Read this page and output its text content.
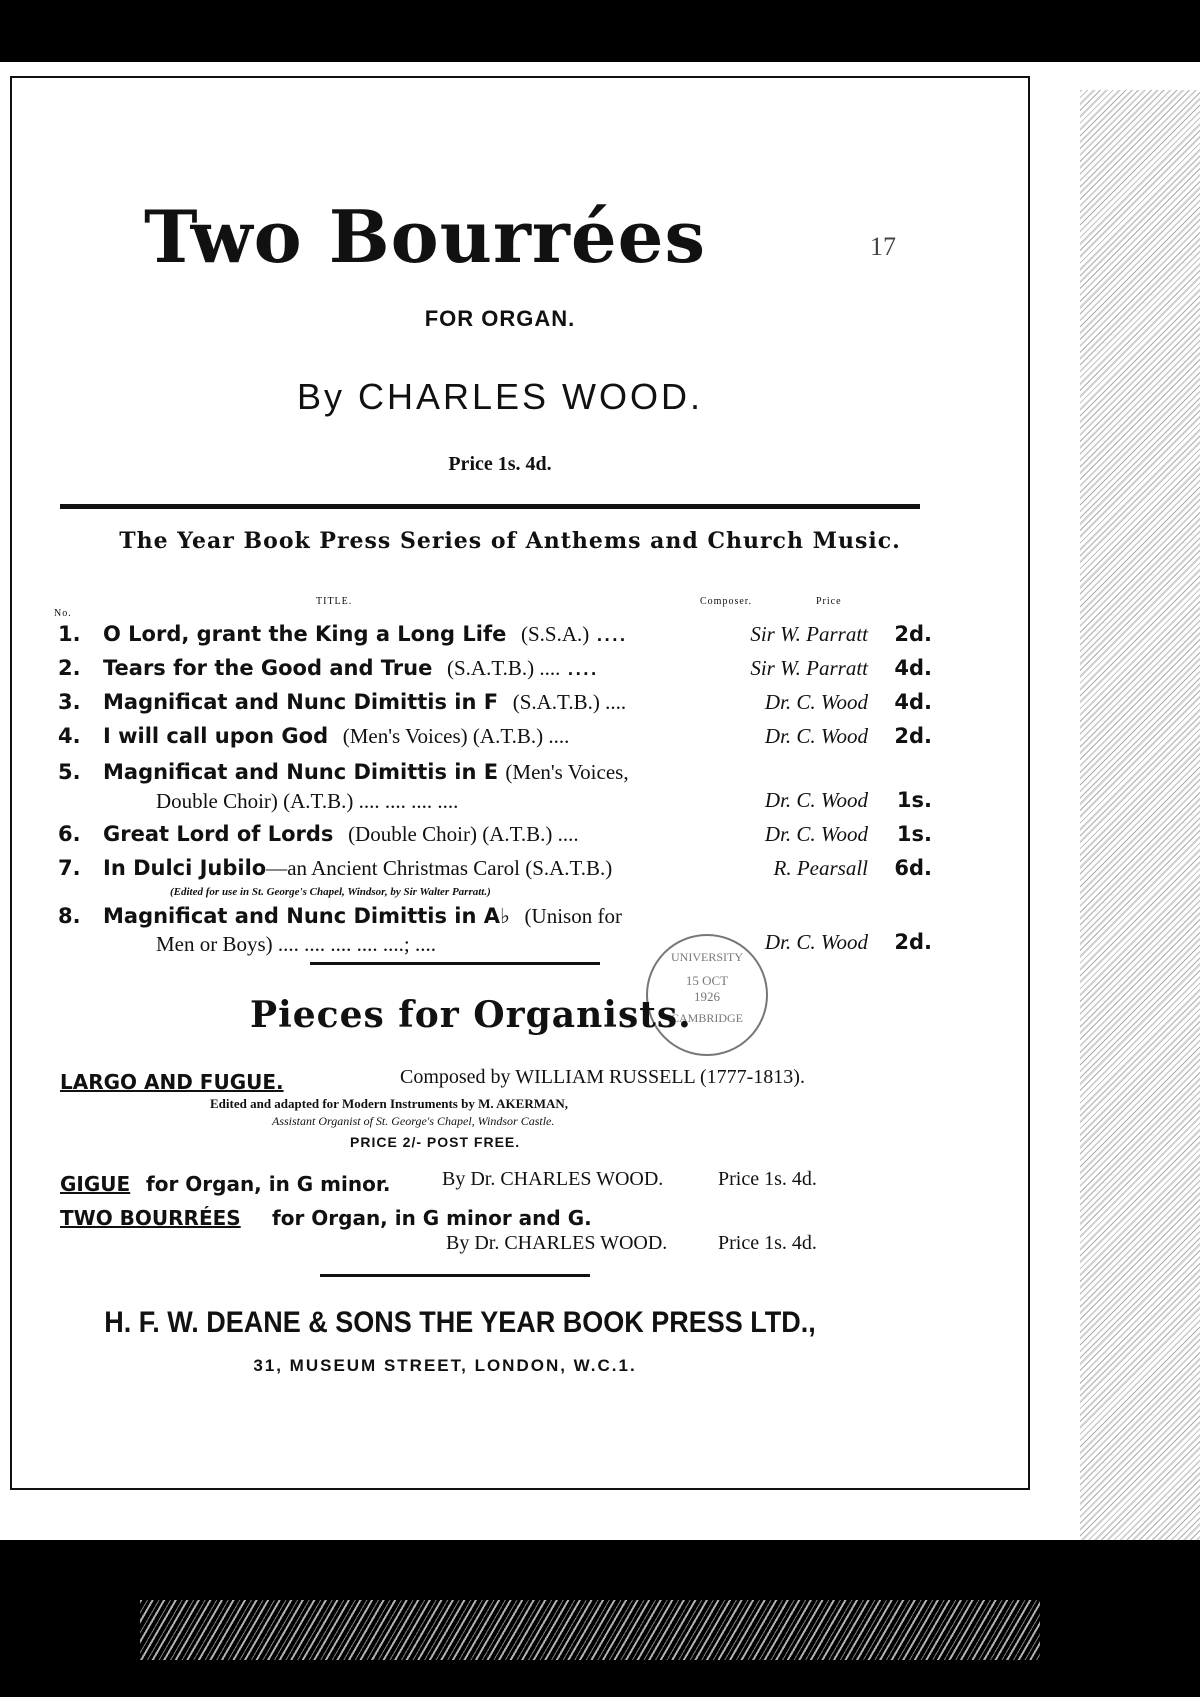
Two Bourrées	17
FOR ORGAN.
By CHARLES WOOD.
Price 1s. 4d.
The Year Book Press Series of Anthems and Church Music.
No.
TITLE.	Composer.	Price
1. O Lord, grant the King a Long Life (S.S.A.) ....	Sir W. Parratt 2d.
2. Tears for the Good and True (S.A.T.B.) .... ....	Sir W. Parratt 4d.
3. Magnificat and Nunc Dimittis in F (S.A.T.B.) ....	Dr. C. Wood 4d.
4. I will call upon God (Men's Voices) (A.T.B.) ....	Dr. C. Wood 2d.
5. Magnificat and Nunc Dimittis in E (Men's Voices,
Double Choir) (A.T.B.) .... .... .... ....	Dr. C. Wood 1s.
6. Great Lord of Lords (Double Choir) (A.T.B.) ....	Dr. C. Wood 1s.
7. In Dulci Jubilo—an Ancient Christmas Carol (S.A.T.B.)	R. Pearsall 6d.
(Edited for use in St. George's Chapel, Windsor, by Sir Walter Parratt.)
8. Magnificat and Nunc Dimittis in A♭ (Unison for
Men or Boys) .... .... .... .... ....; ....	Dr. C. Wood 2d.
UNIVERSITY
15 OCT
1926
CAMBRIDGE
Pieces for Organists.
LARGO AND FUGUE.	Composed by WILLIAM RUSSELL (1777-1813).
Edited and adapted for Modern Instruments by M. AKERMAN,
Assistant Organist of St. George's Chapel, Windsor Castle.
PRICE 2/- POST FREE.
GIGUE for Organ, in G minor.	By Dr. CHARLES WOOD.	Price 1s. 4d.
TWO BOURRÉES for Organ, in G minor and G.
By Dr. CHARLES WOOD.	Price 1s. 4d.
H. F. W. DEANE & SONS THE YEAR BOOK PRESS LTD.,
31, MUSEUM STREET, LONDON, W.C.1.
